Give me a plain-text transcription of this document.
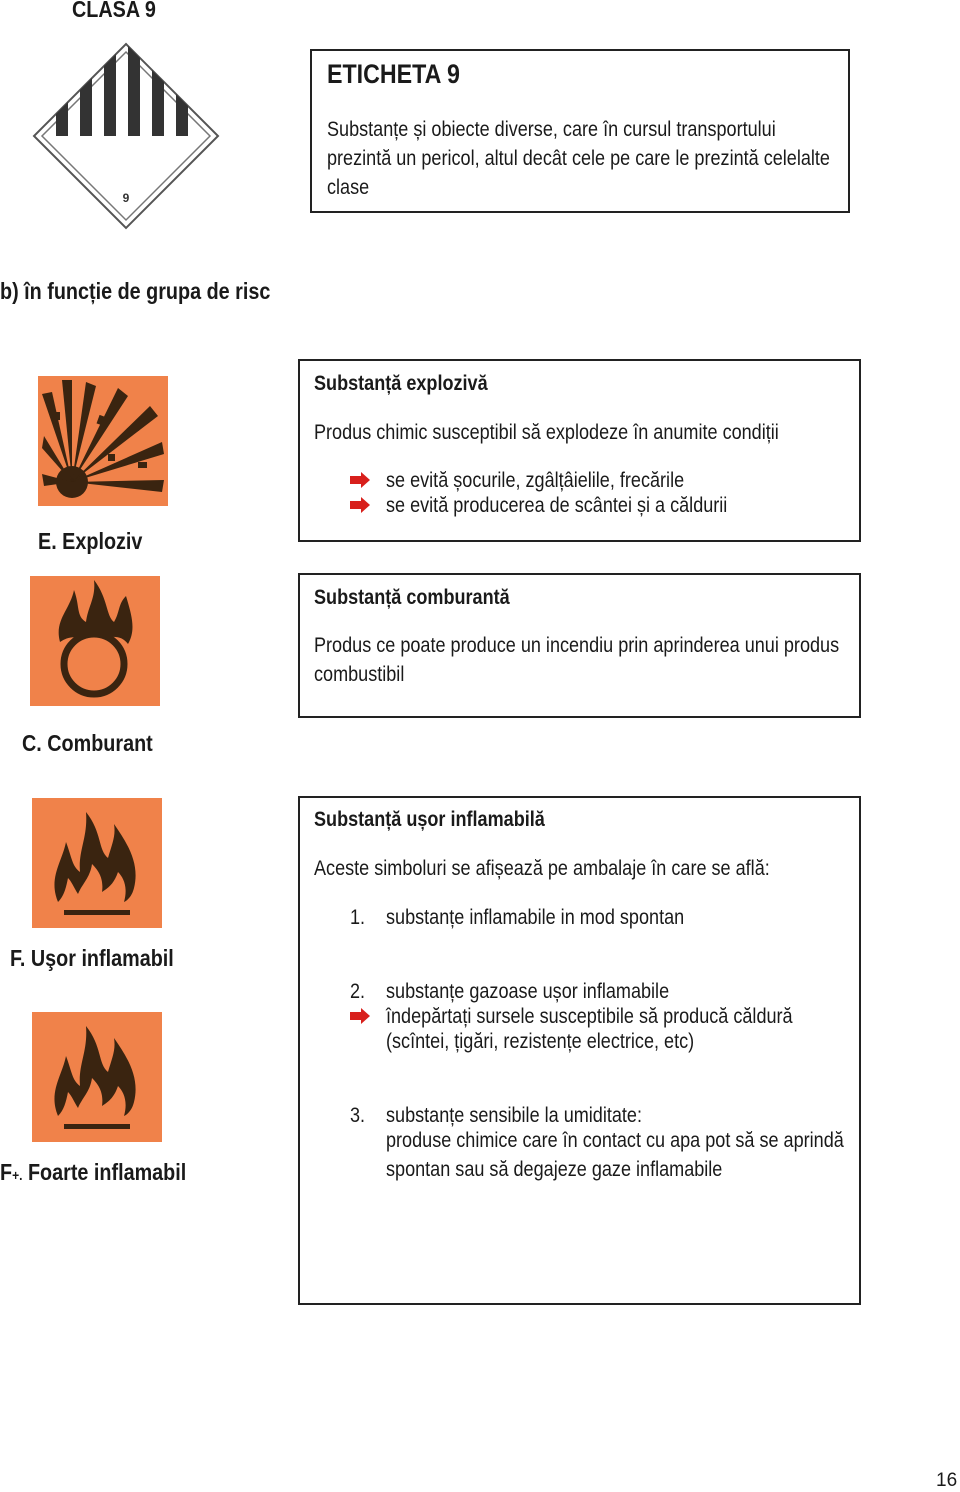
CLASA 9
9
ETICHETA 9
Substanțe și obiecte diverse, care în cursul transportului
prezintă un pericol, altul decât cele pe care le prezintă celelalte
clase
b) în funcție de grupa de risc
Substanță explozivă
Produs chimic susceptibil să explodeze în anumite condiții
se evită șocurile, zgâlțâielile, frecările
se evită producerea de scântei și a căldurii
E. Exploziv
Substanță comburantă
Produs ce poate produce un incendiu prin aprinderea unui produs
combustibil
C. Comburant
F. Uşor inflamabil
F+. Foarte inflamabil
Substanță ușor inflamabilă
Aceste simboluri se afișează pe ambalaje în care se află:
1. substanțe inflamabile in mod spontan
2. substanțe gazoase ușor inflamabile
îndepărtați sursele susceptibile să producă căldură
(scîntei, țigări, rezistențe electrice, etc)
3. substanțe sensibile la umiditate:
produse chimice care în contact cu apa pot să se aprindă
spontan sau să degajeze gaze inflamabile
16
